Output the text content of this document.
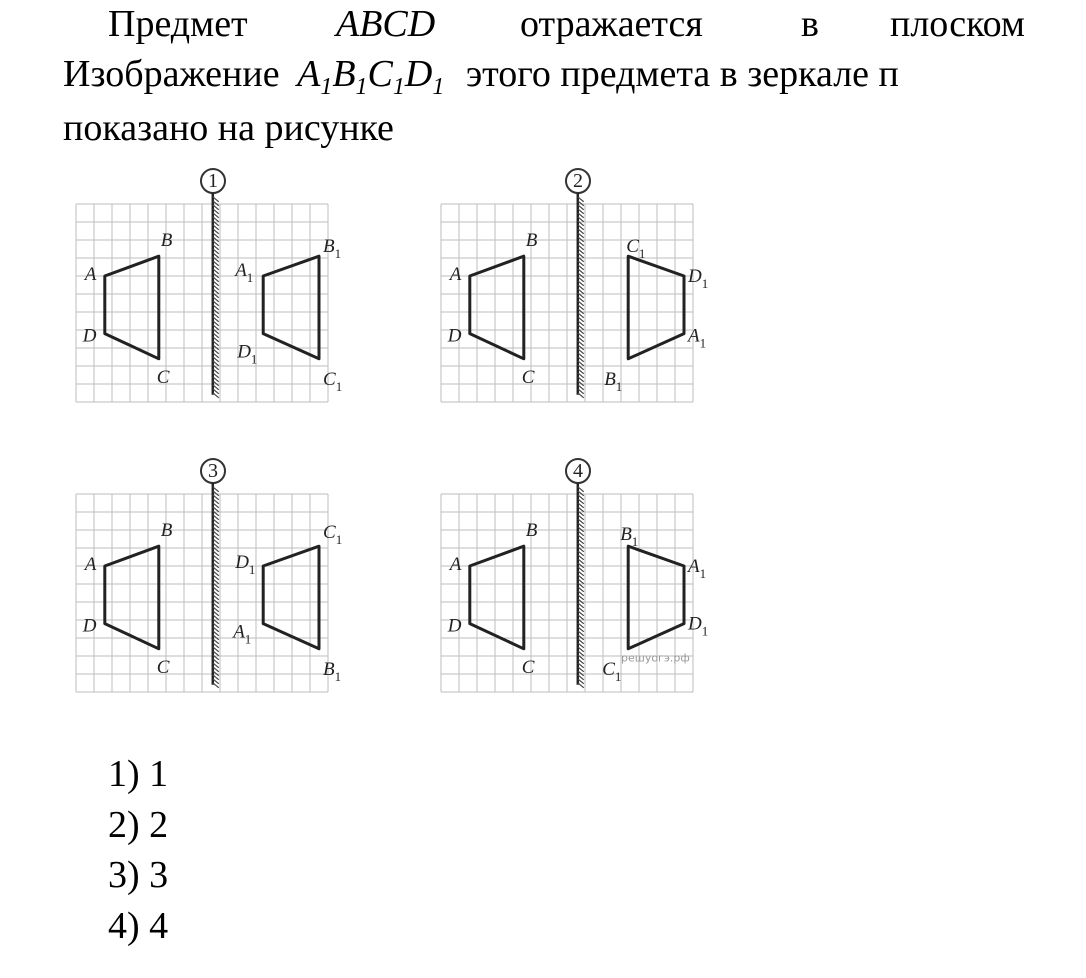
Предмет ABCD отражается	в плоском
Изображение $A_1B_1C_1D_1$ этого предмета в зеркале п
показано на рисунке
1
A
B
C
D
$A_1$
$B_1$
$C_1$
$D_1$
2
A
B
C
D	$A_1$
$B_1$
$C_1$
$D_1$
3
A
B
C
D	$A_1$
$B_1$
$C_1$
$D_1$
4
A
B
C
D
$A_1$
$B_1$
$C_1$
$D_1$
решуогэ.рф
1) 1
2) 2
3) 3
4) 4
